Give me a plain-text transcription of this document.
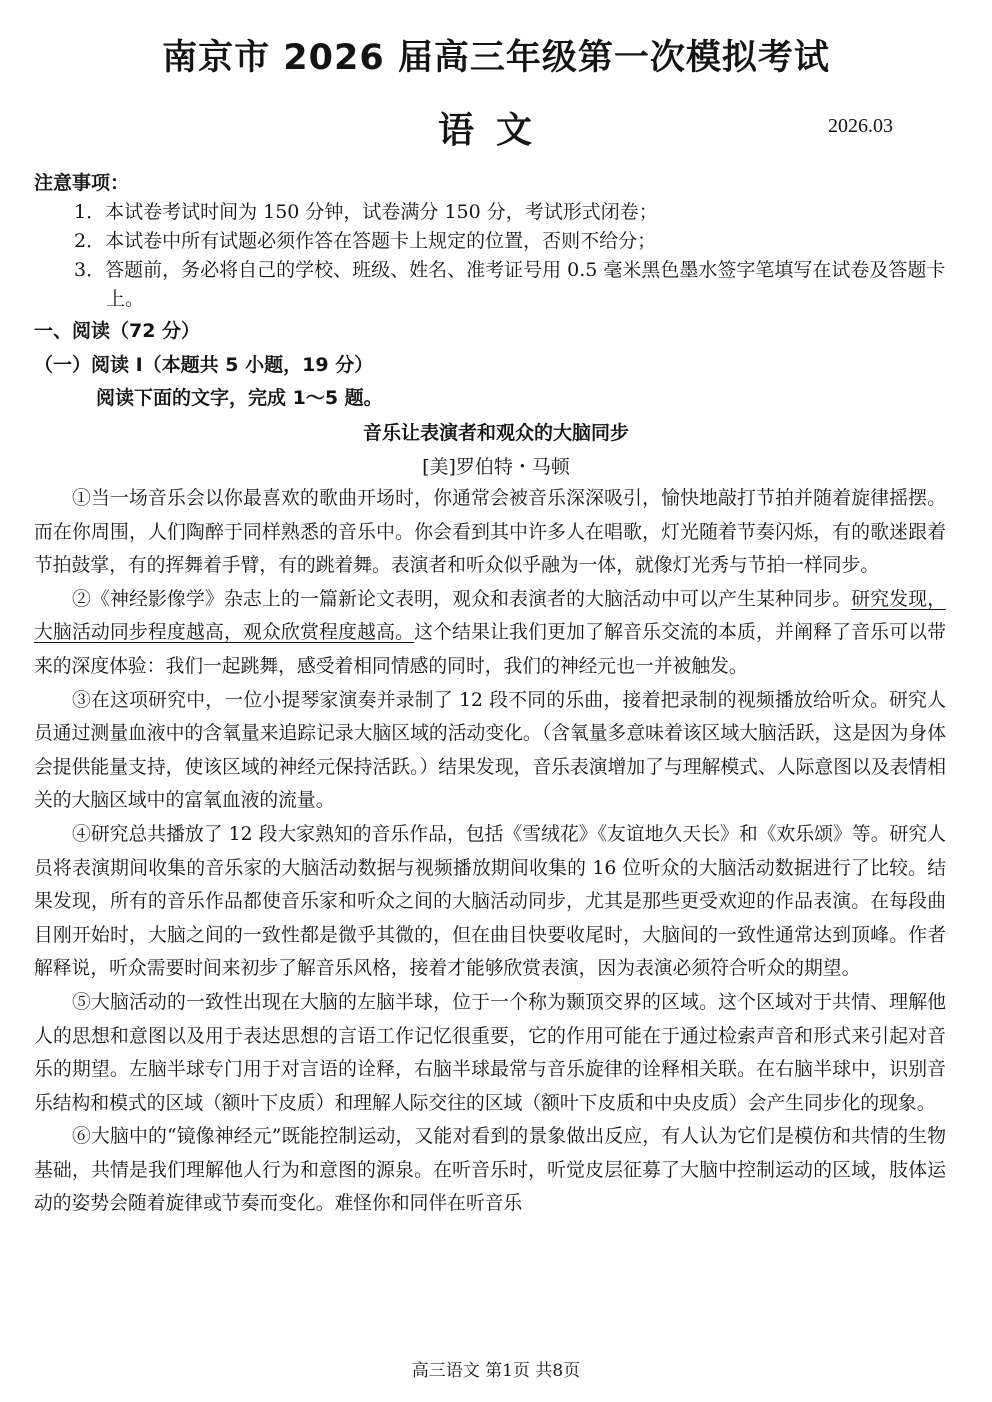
南京市 2026 届高三年级第一次模拟考试
语文	2026.03
注意事项：
1．本试卷考试时间为 150 分钟，试卷满分 150 分，考试形式闭卷；
2．本试卷中所有试题必须作答在答题卡上规定的位置，否则不给分；
3．答题前，务必将自己的学校、班级、姓名、准考证号用 0.5 毫米黑色墨水签字笔填写在试卷及答题卡上。
一、阅读（72 分）
（一）阅读 I（本题共 5 小题，19 分）
阅读下面的文字，完成 1～5 题。
音乐让表演者和观众的大脑同步
[美]罗伯特・马顿

①当一场音乐会以你最喜欢的歌曲开场时，你通常会被音乐深深吸引，愉快地敲打节拍并随着旋律摇摆。而在你周围，人们陶醉于同样熟悉的音乐中。你会看到其中许多人在唱歌，灯光随着节奏闪烁，有的歌迷跟着节拍鼓掌，有的挥舞着手臂，有的跳着舞。表演者和听众似乎融为一体，就像灯光秀与节拍一样同步。

②《神经影像学》杂志上的一篇新论文表明，观众和表演者的大脑活动中可以产生某种同步。研究发现，大脑活动同步程度越高，观众欣赏程度越高。这个结果让我们更加了解音乐交流的本质，并阐释了音乐可以带来的深度体验：我们一起跳舞，感受着相同情感的同时，我们的神经元也一并被触发。

③在这项研究中，一位小提琴家演奏并录制了 12 段不同的乐曲，接着把录制的视频播放给听众。研究人员通过测量血液中的含氧量来追踪记录大脑区域的活动变化。（含氧量多意味着该区域大脑活跃，这是因为身体会提供能量支持，使该区域的神经元保持活跃。）结果发现，音乐表演增加了与理解模式、人际意图以及表情相关的大脑区域中的富氧血液的流量。

④研究总共播放了 12 段大家熟知的音乐作品，包括《雪绒花》《友谊地久天长》和《欢乐颂》等。研究人员将表演期间收集的音乐家的大脑活动数据与视频播放期间收集的 16 位听众的大脑活动数据进行了比较。结果发现，所有的音乐作品都使音乐家和听众之间的大脑活动同步，尤其是那些更受欢迎的作品表演。在每段曲目刚开始时，大脑之间的一致性都是微乎其微的，但在曲目快要收尾时，大脑间的一致性通常达到顶峰。作者解释说，听众需要时间来初步了解音乐风格，接着才能够欣赏表演，因为表演必须符合听众的期望。

⑤大脑活动的一致性出现在大脑的左脑半球，位于一个称为颞顶交界的区域。这个区域对于共情、理解他人的思想和意图以及用于表达思想的言语工作记忆很重要，它的作用可能在于通过检索声音和形式来引起对音乐的期望。左脑半球专门用于对言语的诠释，右脑半球最常与音乐旋律的诠释相关联。在右脑半球中，识别音乐结构和模式的区域（额叶下皮质）和理解人际交往的区域（额叶下皮质和中央皮质）会产生同步化的现象。

⑥大脑中的“镜像神经元”既能控制运动，又能对看到的景象做出反应，有人认为它们是模仿和共情的生物基础，共情是我们理解他人行为和意图的源泉。在听音乐时，听觉皮层征募了大脑中控制运动的区域，肢体运动的姿势会随着旋律或节奏而变化。难怪你和同伴在听音乐

高三语文 第1页 共8页
